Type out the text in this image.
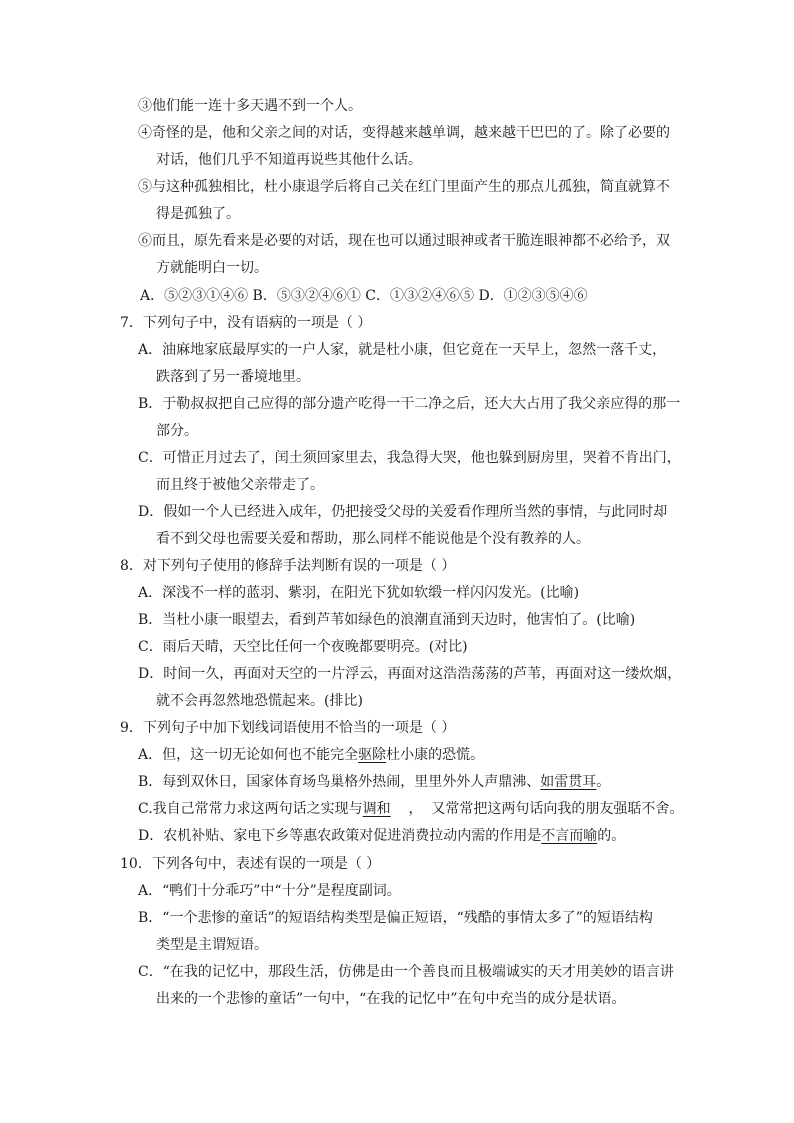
③他们能一连十多天遇不到一个人。
④奇怪的是，他和父亲之间的对话，变得越来越单调，越来越干巴巴的了。除了必要的
对话，他们几乎不知道再说些其他什么话。
⑤与这种孤独相比，杜小康退学后将自己关在红门里面产生的那点儿孤独，简直就算不
得是孤独了。
⑥而且，原先看来是必要的对话，现在也可以通过眼神或者干脆连眼神都不必给予，双
方就能明白一切。
A．⑤②③①④⑥ B．⑤③②④⑥① C．①③②④⑥⑤ D．①②③⑤④⑥
7．下列句子中，没有语病的一项是（ ）
A．油麻地家底最厚实的一户人家，就是杜小康，但它竟在一天早上，忽然一落千丈，
跌落到了另一番境地里。
B．于勒叔叔把自己应得的部分遗产吃得一干二净之后，还大大占用了我父亲应得的那一
部分。
C．可惜正月过去了，闰土须回家里去，我急得大哭，他也躲到厨房里，哭着不肯出门，
而且终于被他父亲带走了。
D．假如一个人已经进入成年，仍把接受父母的关爱看作理所当然的事情，与此同时却
看不到父母也需要关爱和帮助，那么同样不能说他是个没有教养的人。
8．对下列句子使用的修辞手法判断有误的一项是（ ）
A．深浅不一样的蓝羽、紫羽，在阳光下犹如软缎一样闪闪发光。(比喻)
B．当杜小康一眼望去，看到芦苇如绿色的浪潮直涌到天边时，他害怕了。(比喻)
C．雨后天晴，天空比任何一个夜晚都要明亮。(对比)
D．时间一久，再面对天空的一片浮云，再面对这浩浩荡荡的芦苇，再面对这一缕炊烟，
就不会再忽然地恐慌起来。(排比)
9．下列句子中加下划线词语使用不恰当的一项是（ ）
A．但，这一切无论如何也不能完全驱除杜小康的恐慌。
B．每到双休日，国家体育场鸟巢格外热闹，里里外外人声鼎沸、如雷贯耳。
C.我自己常常力求这两句话之实现与调和    ，  又常常把这两句话向我的朋友强聒不舍。
D．农机补贴、家电下乡等惠农政策对促进消费拉动内需的作用是不言而喻的。
10．下列各句中，表述有误的一项是（ ）
A．“鸭们十分乖巧”中“十分”是程度副词。
B．“一个悲惨的童话”的短语结构类型是偏正短语，“残酷的事情太多了”的短语结构
类型是主谓短语。
C．“在我的记忆中，那段生活，仿佛是由一个善良而且极端诚实的天才用美妙的语言讲
出来的一个悲惨的童话”一句中，“在我的记忆中”在句中充当的成分是状语。
